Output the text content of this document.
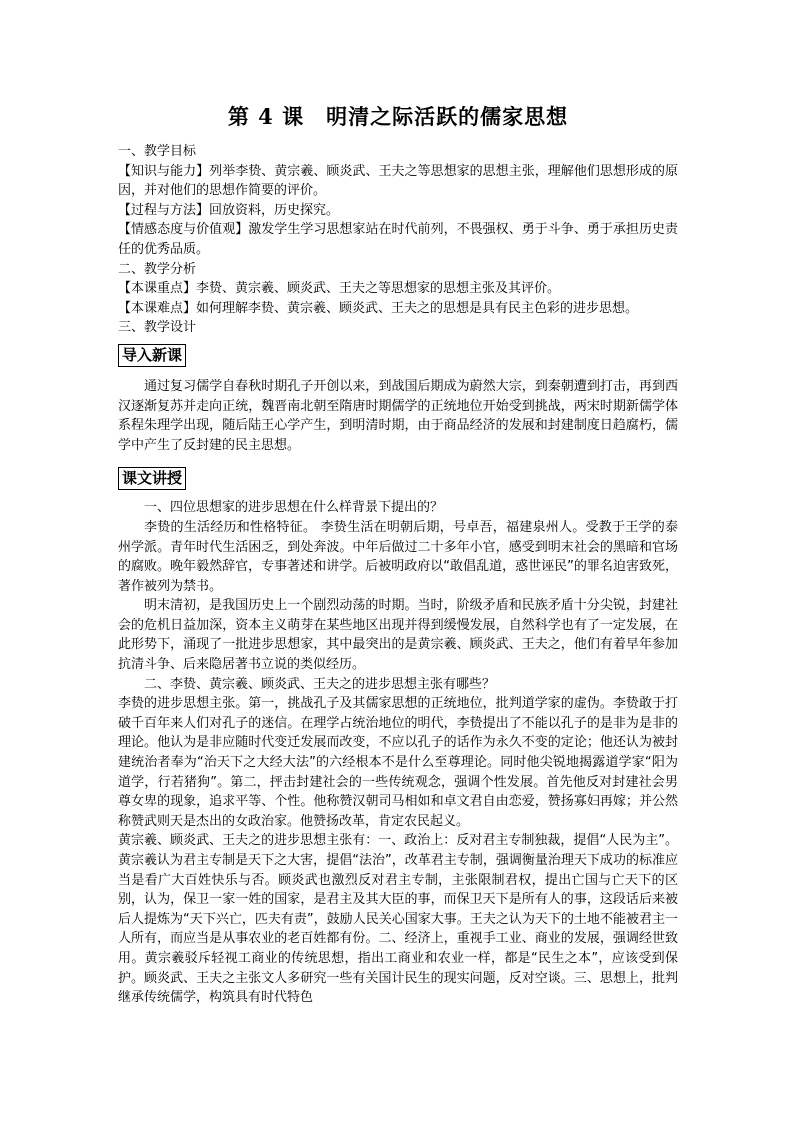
第 4 课　明清之际活跃的儒家思想

一、教学目标

【知识与能力】列举李贽、黄宗羲、顾炎武、王夫之等思想家的思想主张，理解他们思想形成的原因，并对他们的思想作简要的评价。

【过程与方法】回放资料，历史探究。

【情感态度与价值观】激发学生学习思想家站在时代前列，不畏强权、勇于斗争、勇于承担历史责任的优秀品质。

二、教学分析

【本课重点】李贽、黄宗羲、顾炎武、王夫之等思想家的思想主张及其评价。

【本课难点】如何理解李贽、黄宗羲、顾炎武、王夫之的思想是具有民主色彩的进步思想。

三、教学设计

导入新课

通过复习儒学自春秋时期孔子开创以来，到战国后期成为蔚然大宗，到秦朝遭到打击，再到西汉逐渐复苏并走向正统，魏晋南北朝至隋唐时期儒学的正统地位开始受到挑战，两宋时期新儒学体系程朱理学出现，随后陆王心学产生，到明清时期，由于商品经济的发展和封建制度日趋腐朽，儒学中产生了反封建的民主思想。

课文讲授

一、四位思想家的进步思想在什么样背景下提出的？

李贽的生活经历和性格特征。 李贽生活在明朝后期，号卓吾，福建泉州人。受教于王学的泰州学派。青年时代生活困乏，到处奔波。中年后做过二十多年小官，感受到明末社会的黑暗和官场的腐败。晚年毅然辞官，专事著述和讲学。后被明政府以“敢倡乱道，惑世诬民”的罪名迫害致死，著作被列为禁书。

明末清初，是我国历史上一个剧烈动荡的时期。当时，阶级矛盾和民族矛盾十分尖锐，封建社会的危机日益加深，资本主义萌芽在某些地区出现并得到缓慢发展，自然科学也有了一定发展，在此形势下，涌现了一批进步思想家，其中最突出的是黄宗羲、顾炎武、王夫之，他们有着早年参加抗清斗争、后来隐居著书立说的类似经历。

二、李贽、黄宗羲、顾炎武、王夫之的进步思想主张有哪些？

李贽的进步思想主张。第一，挑战孔子及其儒家思想的正统地位，批判道学家的虚伪。李贽敢于打破千百年来人们对孔子的迷信。在理学占统治地位的明代，李贽提出了不能以孔子的是非为是非的理论。他认为是非应随时代变迁发展而改变，不应以孔子的话作为永久不变的定论；他还认为被封建统治者奉为“治天下之大经大法”的六经根本不是什么至尊理论。同时他尖锐地揭露道学家“阳为道学，行若猪狗”。第二，抨击封建社会的一些传统观念，强调个性发展。首先他反对封建社会男尊女卑的现象，追求平等、个性。他称赞汉朝司马相如和卓文君自由恋爱，赞扬寡妇再嫁；并公然称赞武则天是杰出的女政治家。他赞扬改革，肯定农民起义。

黄宗羲、顾炎武、王夫之的进步思想主张有：一、政治上：反对君主专制独裁，提倡“人民为主”。黄宗羲认为君主专制是天下之大害，提倡“法治”，改革君主专制，强调衡量治理天下成功的标准应当是看广大百姓快乐与否。顾炎武也激烈反对君主专制，主张限制君权，提出亡国与亡天下的区别，认为，保卫一家一姓的国家，是君主及其大臣的事，而保卫天下是所有人的事，这段话后来被后人提炼为“天下兴亡，匹夫有责”，鼓励人民关心国家大事。王夫之认为天下的土地不能被君主一人所有，而应当是从事农业的老百姓都有份。二、经济上，重视手工业、商业的发展，强调经世致用。黄宗羲驳斥轻视工商业的传统思想，指出工商业和农业一样，都是“民生之本”，应该受到保护。顾炎武、王夫之主张文人多研究一些有关国计民生的现实问题，反对空谈。三、思想上，批判继承传统儒学，构筑具有时代特色
